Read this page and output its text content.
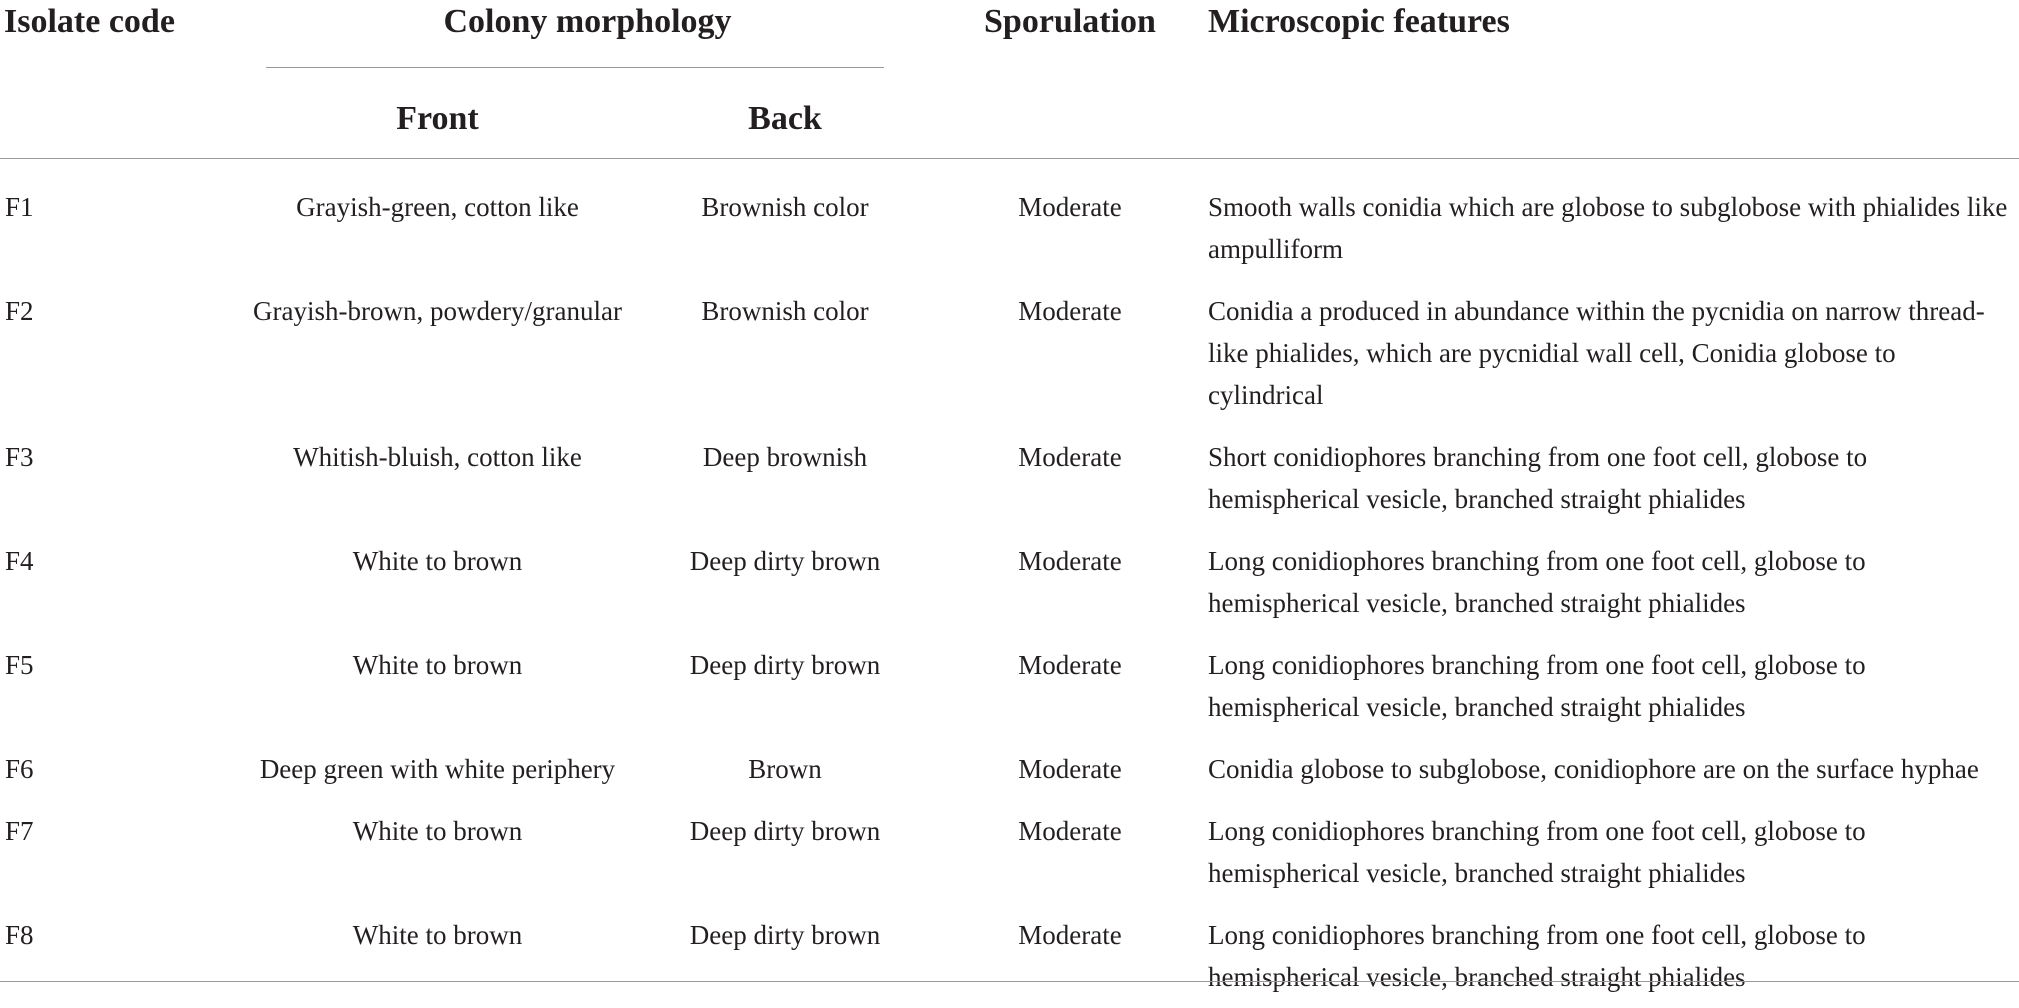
Isolate code	Colony morphology		Sporulation	Microscopic features
	Front	Back		
F1	Grayish-green, cotton like	Brownish color	Moderate	Smooth walls conidia which are globose to subglobose with phialides like ampulliform
F2	Grayish-brown, powdery/granular	Brownish color	Moderate	Conidia a produced in abundance within the pycnidia on narrow thread-like phialides, which are pycnidial wall cell, Conidia globose to cylindrical
F3	Whitish-bluish, cotton like	Deep brownish	Moderate	Short conidiophores branching from one foot cell, globose to hemispherical vesicle, branched straight phialides
F4	White to brown	Deep dirty brown	Moderate	Long conidiophores branching from one foot cell, globose to hemispherical vesicle, branched straight phialides
F5	White to brown	Deep dirty brown	Moderate	Long conidiophores branching from one foot cell, globose to hemispherical vesicle, branched straight phialides
F6	Deep green with white periphery	Brown	Moderate	Conidia globose to subglobose, conidiophore are on the surface hyphae
F7	White to brown	Deep dirty brown	Moderate	Long conidiophores branching from one foot cell, globose to hemispherical vesicle, branched straight phialides
F8	White to brown	Deep dirty brown	Moderate	Long conidiophores branching from one foot cell, globose to hemispherical vesicle, branched straight phialides
